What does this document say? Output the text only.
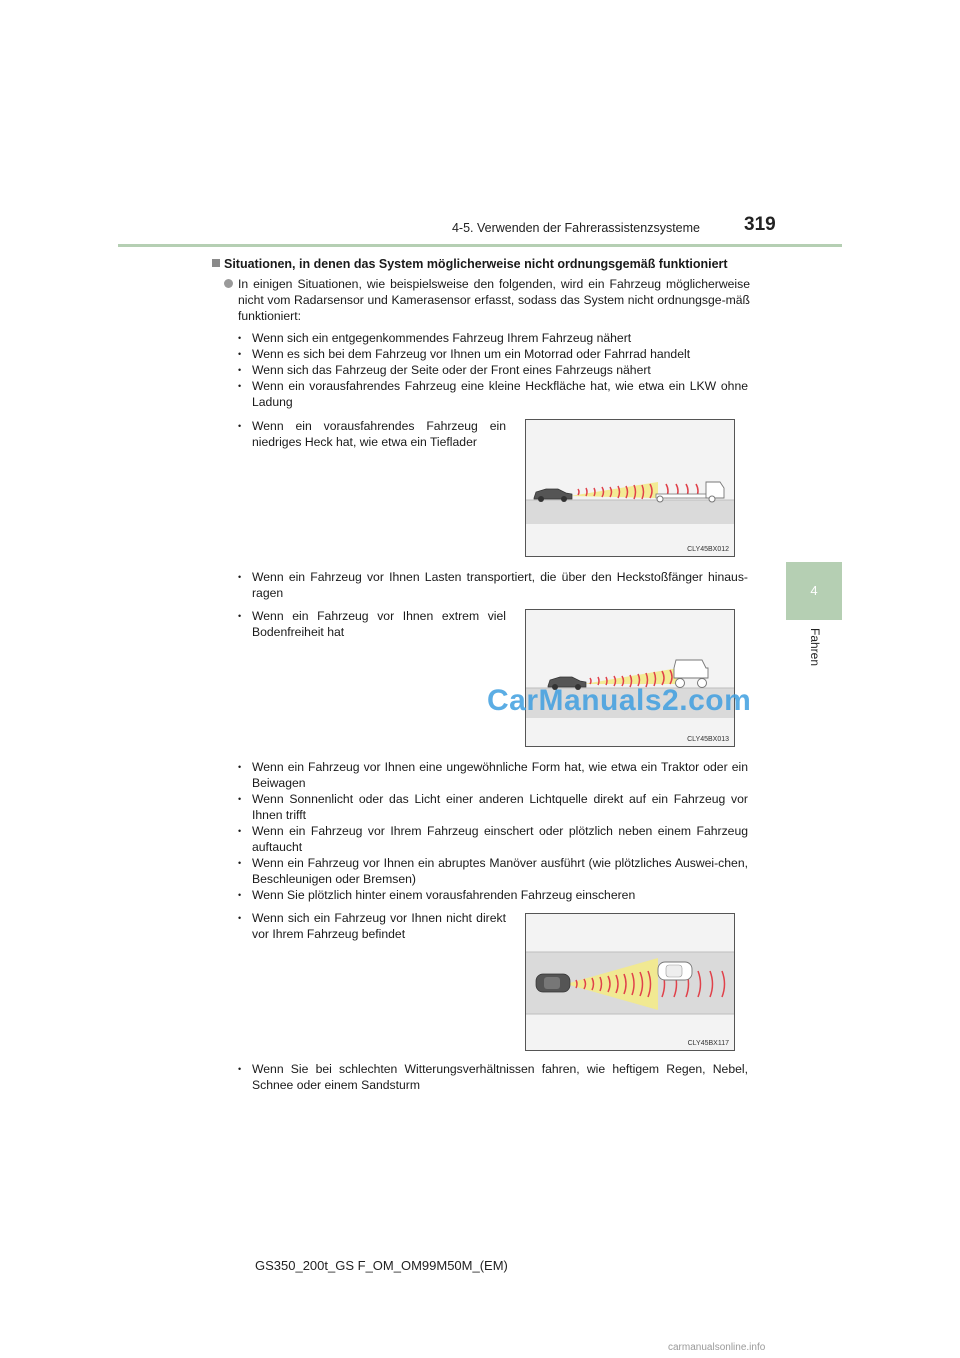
4-5. Verwenden der Fahrerassistenzsysteme 319
4
Fahren
Situationen, in denen das System möglicherweise nicht ordnungsgemäß funktioniert
In einigen Situationen, wie beispielsweise den folgenden, wird ein Fahrzeug möglicherweise nicht vom Radarsensor und Kamerasensor erfasst, sodass das System nicht ordnungsge-mäß funktioniert:
• Wenn sich ein entgegenkommendes Fahrzeug Ihrem Fahrzeug nähert
• Wenn es sich bei dem Fahrzeug vor Ihnen um ein Motorrad oder Fahrrad handelt
• Wenn sich das Fahrzeug der Seite oder der Front eines Fahrzeugs nähert
• Wenn ein vorausfahrendes Fahrzeug eine kleine Heckfläche hat, wie etwa ein LKW ohne Ladung
• Wenn ein vorausfahrendes Fahrzeug ein niedriges Heck hat, wie etwa ein Tieflader
CLY45BX012
• Wenn ein Fahrzeug vor Ihnen Lasten transportiert, die über den Heckstoßfänger hinaus-ragen
• Wenn ein Fahrzeug vor Ihnen extrem viel Bodenfreiheit hat
CLY45BX013
• Wenn ein Fahrzeug vor Ihnen eine ungewöhnliche Form hat, wie etwa ein Traktor oder ein Beiwagen
• Wenn Sonnenlicht oder das Licht einer anderen Lichtquelle direkt auf ein Fahrzeug vor Ihnen trifft
• Wenn ein Fahrzeug vor Ihrem Fahrzeug einschert oder plötzlich neben einem Fahrzeug auftaucht
• Wenn ein Fahrzeug vor Ihnen ein abruptes Manöver ausführt (wie plötzliches Auswei-chen, Beschleunigen oder Bremsen)
• Wenn Sie plötzlich hinter einem vorausfahrenden Fahrzeug einscheren
• Wenn sich ein Fahrzeug vor Ihnen nicht direkt vor Ihrem Fahrzeug befindet
CLY45BX117
• Wenn Sie bei schlechten Witterungsverhältnissen fahren, wie heftigem Regen, Nebel, Schnee oder einem Sandsturm
GS350_200t_GS F_OM_OM99M50M_(EM)
CarManuals2.com
carmanualsonline.info
